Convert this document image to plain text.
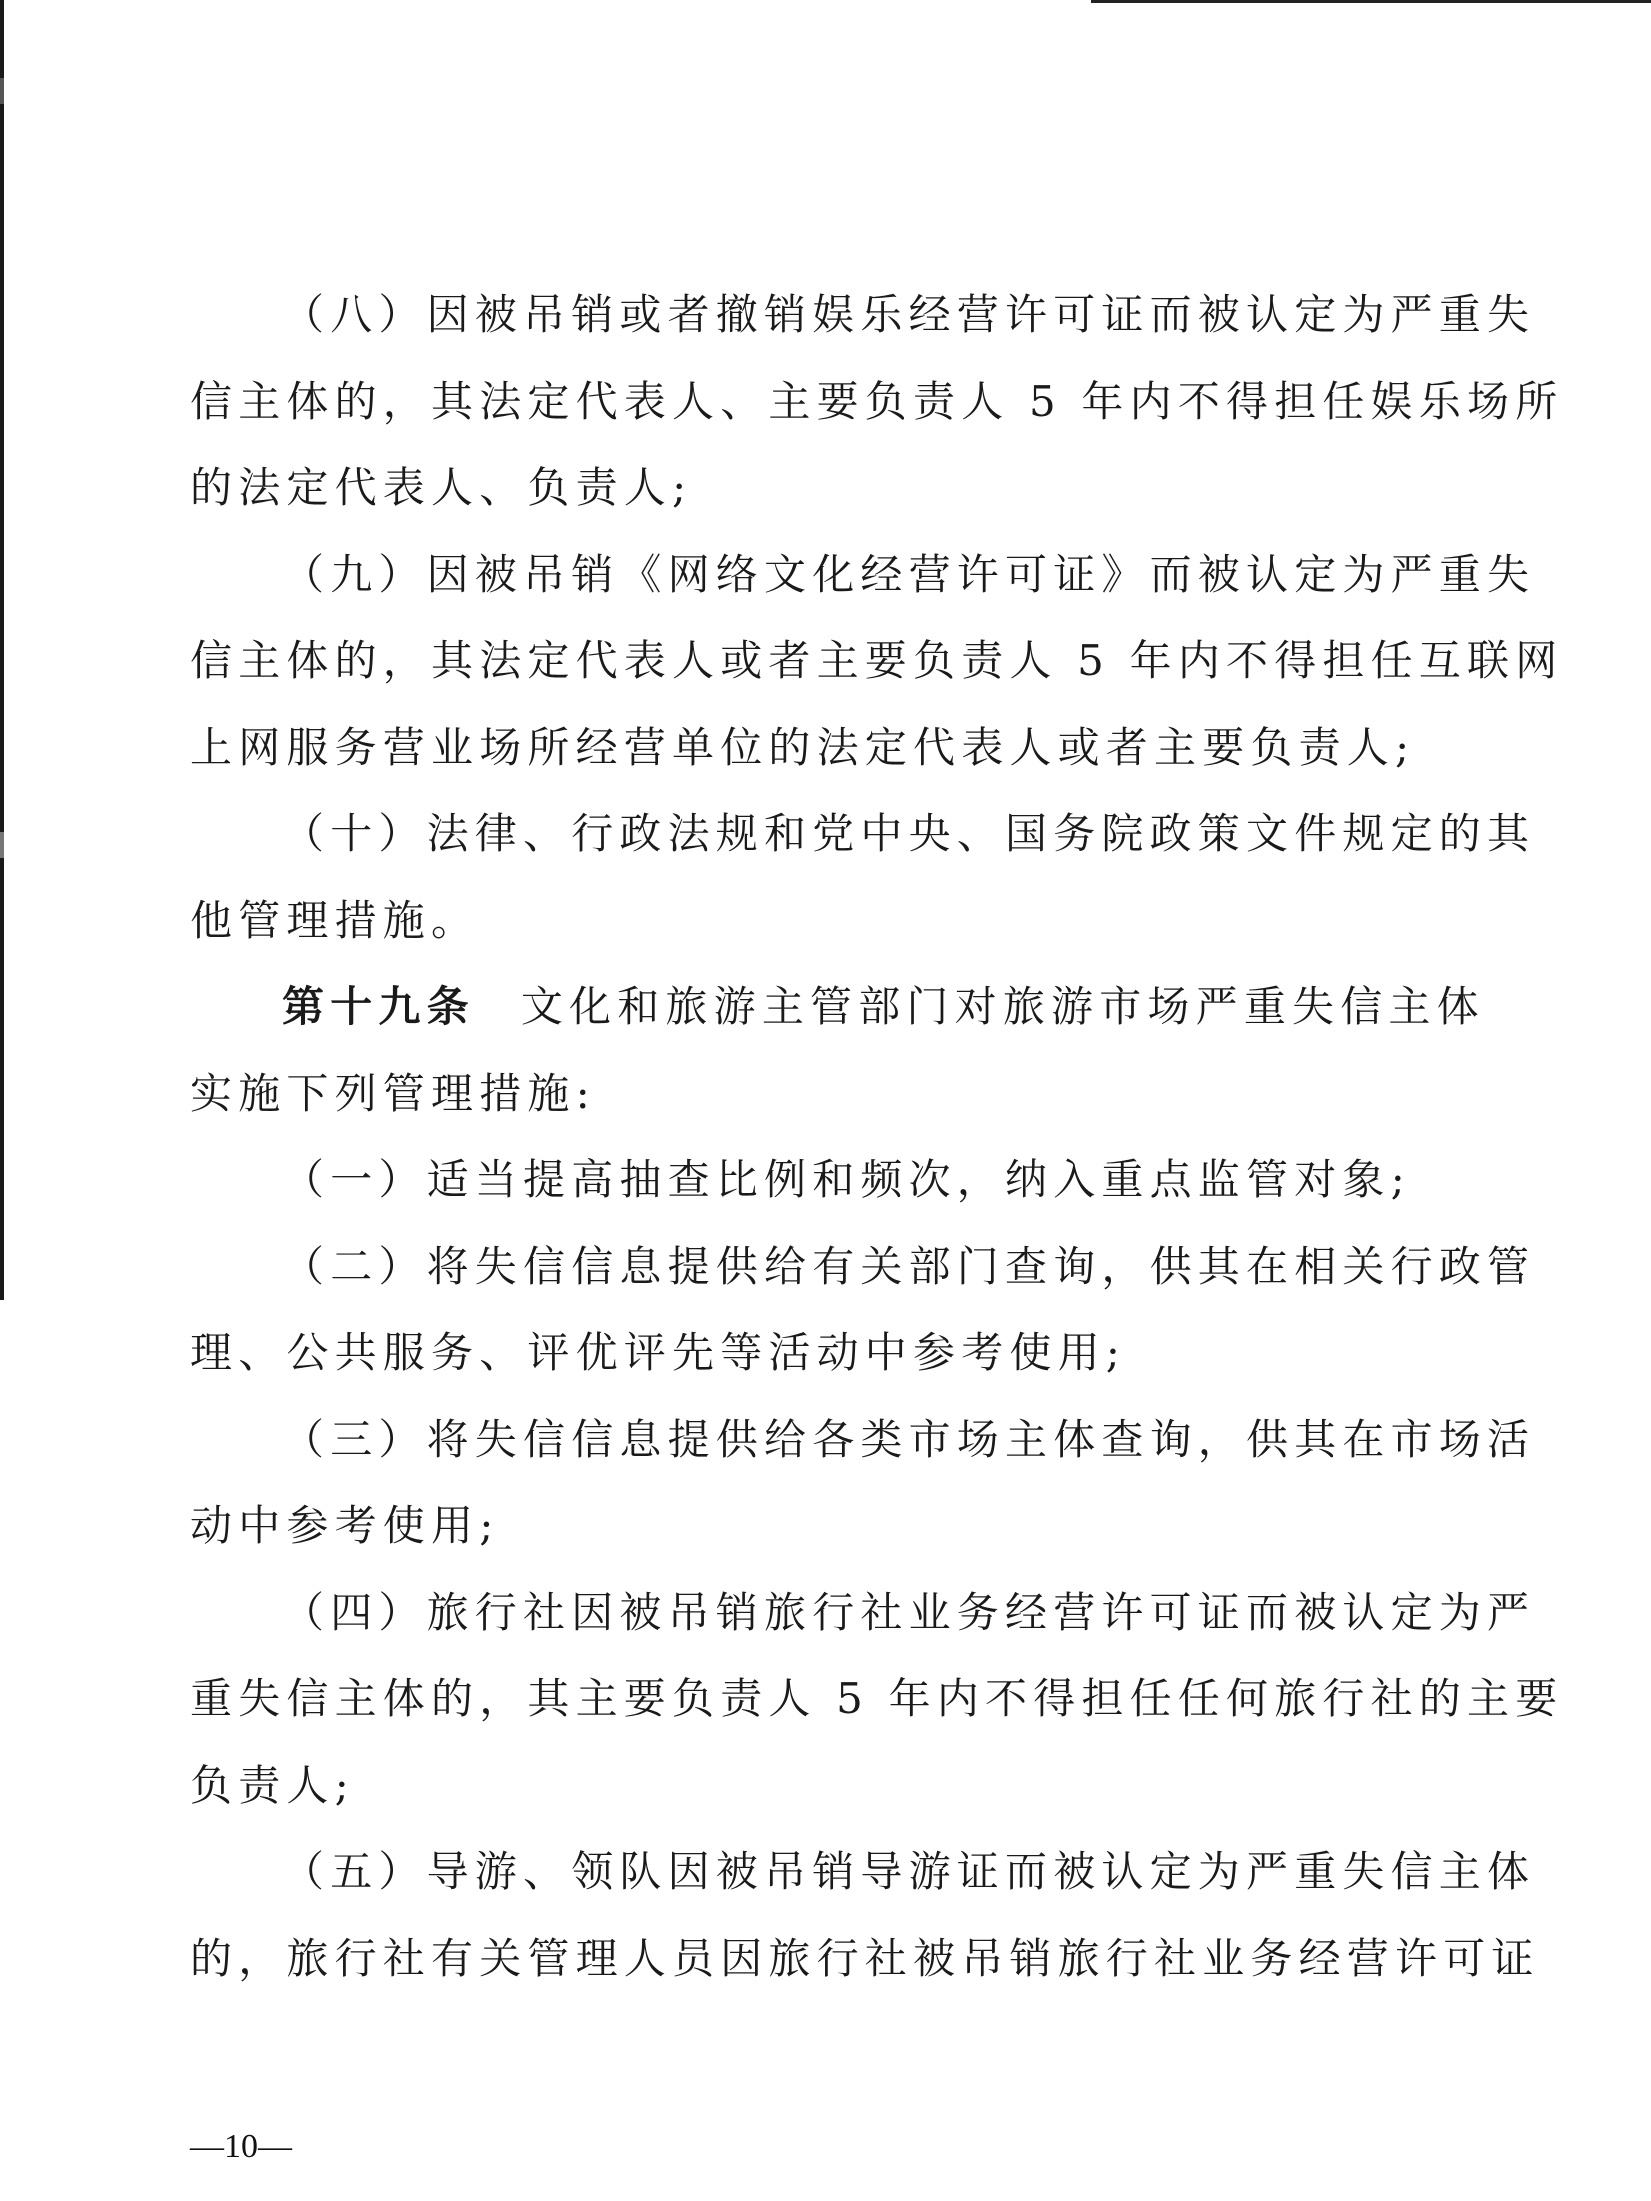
（八）因被吊销或者撤销娱乐经营许可证而被认定为严重失
信主体的，其法定代表人、主要负责人 5 年内不得担任娱乐场所
的法定代表人、负责人;
（九）因被吊销《网络文化经营许可证》而被认定为严重失
信主体的，其法定代表人或者主要负责人 5 年内不得担任互联网
上网服务营业场所经营单位的法定代表人或者主要负责人;
（十）法律、行政法规和党中央、国务院政策文件规定的其
他管理措施。
第十九条 文化和旅游主管部门对旅游市场严重失信主体
实施下列管理措施:
（一）适当提高抽查比例和频次，纳入重点监管对象;
（二）将失信信息提供给有关部门查询，供其在相关行政管
理、公共服务、评优评先等活动中参考使用;
（三）将失信信息提供给各类市场主体查询，供其在市场活
动中参考使用;
（四）旅行社因被吊销旅行社业务经营许可证而被认定为严
重失信主体的，其主要负责人 5 年内不得担任任何旅行社的主要
负责人;
（五）导游、领队因被吊销导游证而被认定为严重失信主体
的，旅行社有关管理人员因旅行社被吊销旅行社业务经营许可证
—10—
